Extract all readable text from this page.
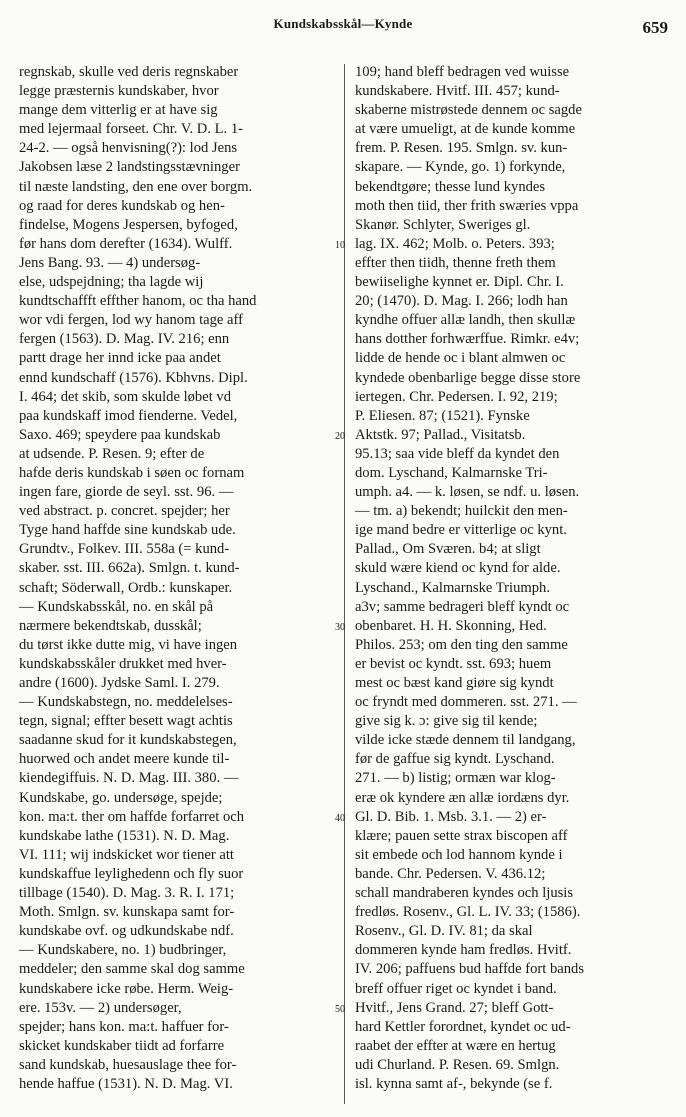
Kundskabsskål—Kynde	659
regnskab, skulle ved deris regnskaber
legge præsternis kundskaber, hvor
mange dem vitterlig er at have sig
med lejermaal forseet. Chr. V. D. L. 1-
24-2. — også henvisning(?): lod Jens
Jakobsen læse 2 landstingsstævninger
til næste landsting, den ene over borgm.
og raad for deres kundskab og hen-
findelse, Mogens Jespersen, byfoged,
før hans dom derefter (1634). Wulff.
Jens Bang. 93. — 4) undersøg-
else, udspejdning; tha lagde wij
kundtschaffft effther hanom, oc tha hand
wor vdi fergen, lod wy hanom tage aff
fergen (1563). D. Mag. IV. 216; enn
partt drage her innd icke paa andet
ennd kundschaff (1576). Kbhvns. Dipl.
I. 464; det skib, som skulde løbet vd
paa kundskaff imod fienderne. Vedel,
Saxo. 469; speydere paa kundskab
at udsende. P. Resen. 9; efter de
hafde deris kundskab i søen oc fornam
ingen fare, giorde de seyl. sst. 96. —
ved abstract. p. concret. spejder; her
Tyge hand haffde sine kundskab ude.
Grundtv., Folkev. III. 558a (= kund-
skaber. sst. III. 662a). Smlgn. t. kund-
schaft; Söderwall, Ordb.: kunskaper.
— Kundskabsskål, no. en skål på
nærmere bekendtskab, dusskål;
du tørst ikke dutte mig, vi have ingen
kundskabsskåler drukket med hver-
andre (1600). Jydske Saml. I. 279.
— Kundskabstegn, no. meddelelses-
tegn, signal; effter besett wagt achtis
saadanne skud for it kundskabstegen,
huorwed och andet meere kunde til-
kiendegiffuis. N. D. Mag. III. 380. —
Kundskabe, go. undersøge, spejde;
kon. ma:t. ther om haffde forfarret och
kundskabe lathe (1531). N. D. Mag.
VI. 111; wij indskicket wor tiener att
kundskaffue leylighedenn och fly suor
tillbage (1540). D. Mag. 3. R. I. 171;
Moth. Smlgn. sv. kunskapa samt for-
kundskabe ovf. og udkundskabe ndf.
— Kundskabere, no. 1) budbringer,
meddeler; den samme skal dog samme
kundskabere icke røbe. Herm. Weig-
ere. 153v. — 2) undersøger,
spejder; hans kon. ma:t. haffuer for-
skicket kundskaber tiidt ad forfarre
sand kundskab, huesauslage thee for-
hende haffue (1531). N. D. Mag. VI.
109; hand bleff bedragen ved wuisse
kundskabere. Hvitf. III. 457; kund-
skaberne mistrøstede dennem oc sagde
at være umueligt, at de kunde komme
frem. P. Resen. 195. Smlgn. sv. kun-
skapare. — Kynde, go. 1) forkynde,
bekendtgøre; thesse lund kyndes
moth then tiid, ther frith swæries vppa
Skanør. Schlyter, Sweriges gl.
lag. IX. 462; Molb. o. Peters. 393;
effter then tiidh, thenne freth them
bewiiselighe kynnet er. Dipl. Chr. I.
20; (1470). D. Mag. I. 266; lodh han
kyndhe offuer allæ landh, then skullæ
hans dotther forhwærffue. Rimkr. e4v;
lidde de hende oc i blant almwen oc
kyndede obenbarlige begge disse store
iertegen. Chr. Pedersen. I. 92, 219;
P. Eliesen. 87; (1521). Fynske
Aktstk. 97; Pallad., Visitatsb.
95.13; saa vide bleff da kyndet den
dom. Lyschand, Kalmarnske Tri-
umph. a4. — k. løsen, se ndf. u. løsen.
— tm. a) bekendt; huilckit den men-
ige mand bedre er vitterlige oc kynt.
Pallad., Om Sværen. b4; at sligt
skuld wære kiend oc kynd for alde.
Lyschand., Kalmarnske Triumph.
a3v; samme bedrageri bleff kyndt oc
obenbaret. H. H. Skonning, Hed.
Philos. 253; om den ting den samme
er bevist oc kyndt. sst. 693; huem
mest oc bæst kand giøre sig kyndt
oc fryndt med dommeren. sst. 271. —
give sig k. ɔ: give sig til kende;
vilde icke stæde dennem til landgang,
før de gaffue sig kyndt. Lyschand.
271. — b) listig; ormæn war klog-
eræ ok kyndere æn allæ iordæns dyr.
Gl. D. Bib. 1. Msb. 3.1. — 2) er-
klære; pauen sette strax biscopen aff
sit embede och lod hannom kynde i
bande. Chr. Pedersen. V. 436.12;
schall mandraberen kyndes och ljusis
fredløs. Rosenv., Gl. L. IV. 33; (1586).
Rosenv., Gl. D. IV. 81; da skal
dommeren kynde ham fredløs. Hvitf.
IV. 206; paffuens bud haffde fort bands
breff offuer riget oc kyndet i band.
Hvitf., Jens Grand. 27; bleff Gott-
hard Kettler forordnet, kyndet oc ud-
raabet der effter at wære en hertug
udi Churland. P. Resen. 69. Smlgn.
isl. kynna samt af-, bekynde (se f.
10
20
30
40
50
